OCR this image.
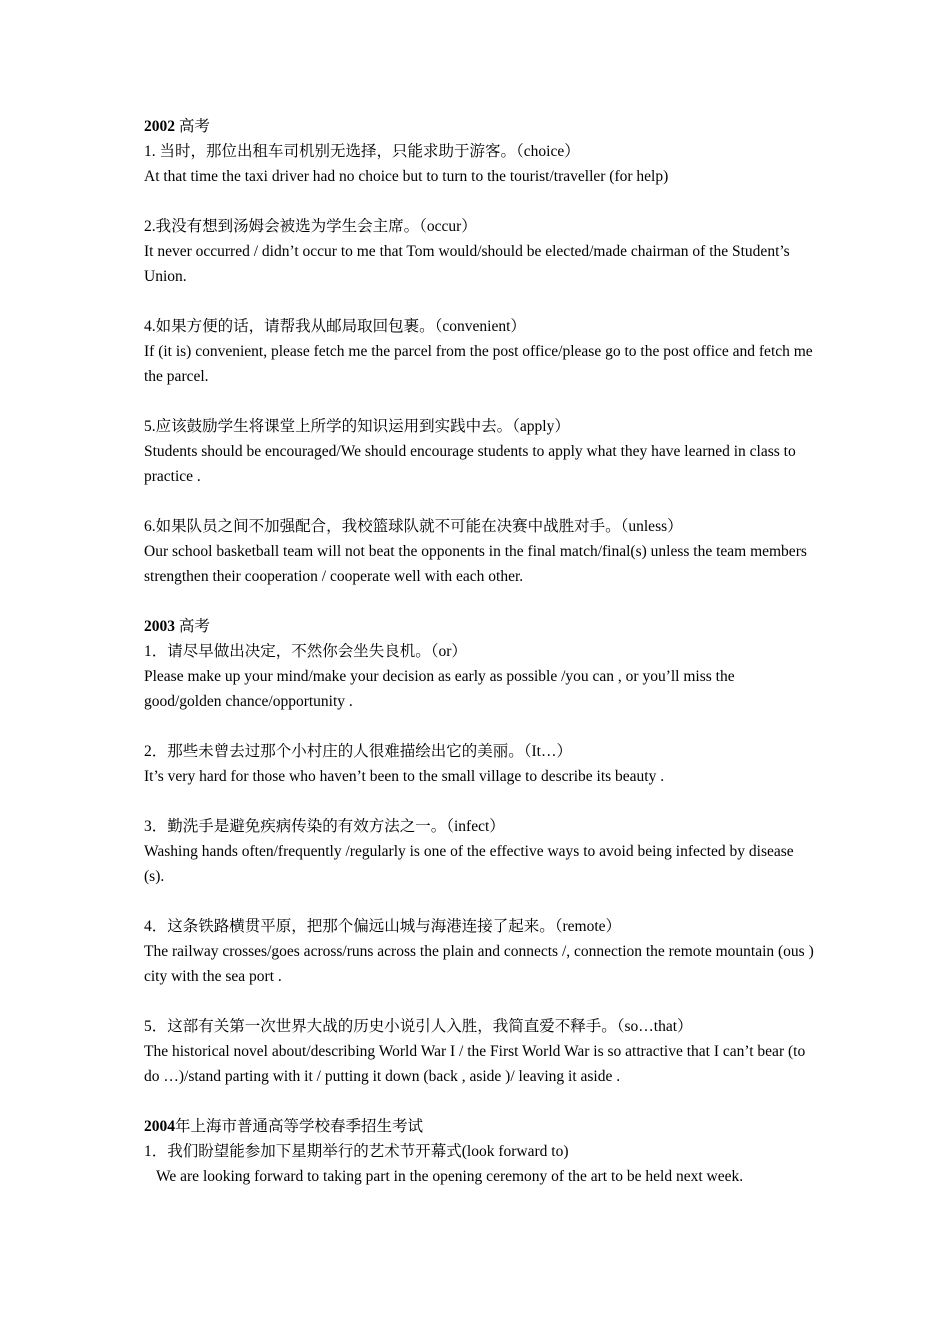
2002 高考
1. 当时，那位出租车司机别无选择，只能求助于游客。（choice）
At that time the taxi driver had no choice but to turn to the tourist/traveller (for help)
2.我没有想到汤姆会被选为学生会主席。（occur）
It never occurred / didn’t occur to me that Tom would/should be elected/made chairman of the Student’s Union.
4.如果方便的话，请帮我从邮局取回包裹。（convenient）
If (it is) convenient, please fetch me the parcel from the post office/please go to the post office and fetch me the parcel.
5.应该鼓励学生将课堂上所学的知识运用到实践中去。（apply）
Students should be encouraged/We should encourage students to apply what they have learned in class to practice .
6.如果队员之间不加强配合，我校篮球队就不可能在决赛中战胜对手。（unless）
Our school basketball team will not beat the opponents in the final match/final(s) unless the team members strengthen their cooperation / cooperate well with each other.
2003 高考
1．请尽早做出决定，不然你会坐失良机。（or）
Please make up your mind/make your decision as early as possible /you can , or you’ll miss the good/golden chance/opportunity .
2．那些未曾去过那个小村庄的人很难描绘出它的美丽。（It…）
It’s very hard for those who haven’t been to the small village to describe its beauty .
3．勤洗手是避免疾病传染的有效方法之一。（infect）
Washing hands often/frequently /regularly is one of the effective ways to avoid being infected by disease (s).
4．这条铁路横贯平原，把那个偏远山城与海港连接了起来。（remote）
The railway crosses/goes across/runs across the plain and connects /, connection the remote mountain (ous ) city with the sea port .
5．这部有关第一次世界大战的历史小说引人入胜，我简直爱不释手。（so…that）
The historical novel about/describing World War I / the First World War is so attractive that I can’t bear (to do …)/stand parting with it / putting it down (back , aside )/ leaving it aside .
2004年上海市普通高等学校春季招生考试
1．我们盼望能参加下星期举行的艺术节开幕式(look forward to)
We are looking forward to taking part in the opening ceremony of the art to be held next week.
